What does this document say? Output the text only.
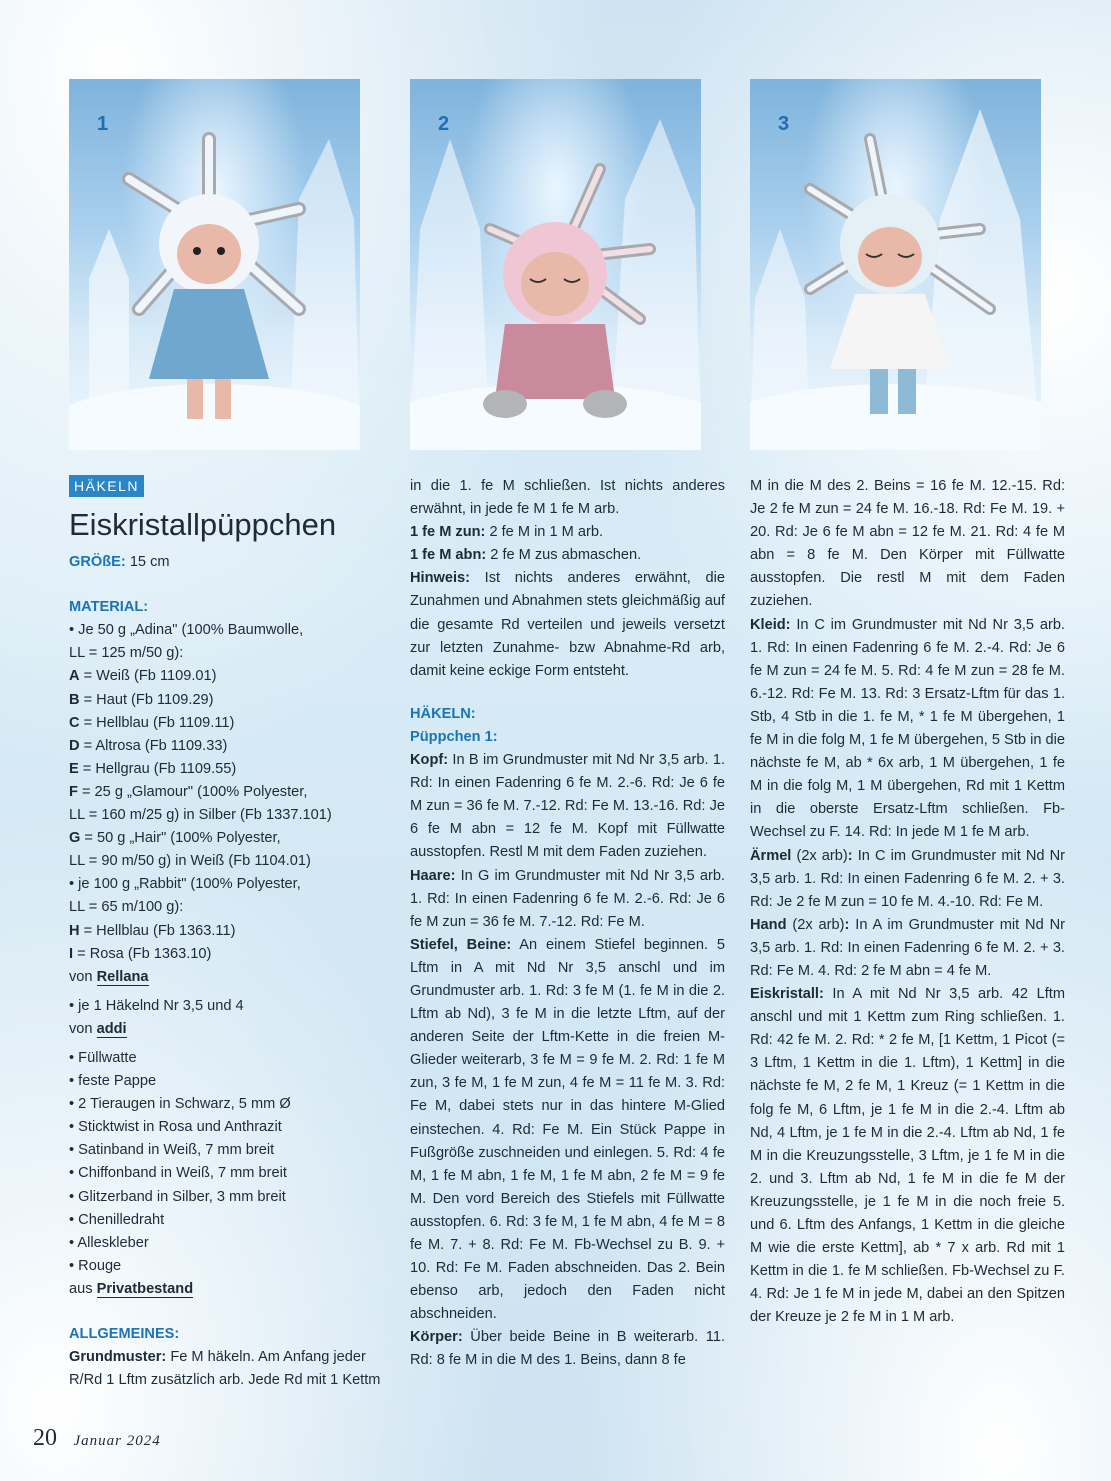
1	2	3
HÄKELN
Eiskristallpüppchen
GRÖßE: 15 cm
MATERIAL:
• Je 50 g „Adina" (100% Baumwolle,
LL = 125 m/50 g):
A = Weiß (Fb 1109.01)
B = Haut (Fb 1109.29)
C = Hellblau (Fb 1109.11)
D = Altrosa (Fb 1109.33)
E = Hellgrau (Fb 1109.55)
F = 25 g „Glamour" (100% Polyester,
LL = 160 m/25 g) in Silber (Fb 1337.101)
G = 50 g „Hair" (100% Polyester,
LL = 90 m/50 g) in Weiß (Fb 1104.01)
• je 100 g „Rabbit" (100% Polyester,
LL = 65 m/100 g):
H = Hellblau (Fb 1363.11)
I = Rosa (Fb 1363.10)
von Rellana
• je 1 Häkelnd Nr 3,5 und 4
von addi
• Füllwatte
• feste Pappe
• 2 Tieraugen in Schwarz, 5 mm Ø
• Sticktwist in Rosa und Anthrazit
• Satinband in Weiß, 7 mm breit
• Chiffonband in Weiß, 7 mm breit
• Glitzerband in Silber, 3 mm breit
• Chenilledraht
• Alleskleber
• Rouge
aus Privatbestand
ALLGEMEINES:
Grundmuster: Fe M häkeln. Am Anfang jeder R/Rd 1 Lftm zusätzlich arb. Jede Rd mit 1 Kettm

in die 1. fe M schließen. Ist nichts anderes erwähnt, in jede fe M 1 fe M arb.

1 fe M zun: 2 fe M in 1 M arb.

1 fe M abn: 2 fe M zus abmaschen.

Hinweis: Ist nichts anderes erwähnt, die Zunahmen und Abnahmen stets gleichmäßig auf die gesamte Rd verteilen und jeweils versetzt zur letzten Zunahme- bzw Abnahme-Rd arb, damit keine eckige Form entsteht.

HÄKELN:

Püppchen 1:

Kopf: In B im Grundmuster mit Nd Nr 3,5 arb. 1. Rd: In einen Fadenring 6 fe M. 2.-6. Rd: Je 6 fe M zun = 36 fe M. 7.-12. Rd: Fe M. 13.-16. Rd: Je 6 fe M abn = 12 fe M. Kopf mit Füllwatte ausstopfen. Restl M mit dem Faden zuziehen.

Haare: In G im Grundmuster mit Nd Nr 3,5 arb. 1. Rd: In einen Fadenring 6 fe M. 2.-6. Rd: Je 6 fe M zun = 36 fe M. 7.-12. Rd: Fe M.

Stiefel, Beine: An einem Stiefel beginnen. 5 Lftm in A mit Nd Nr 3,5 anschl und im Grundmuster arb. 1. Rd: 3 fe M (1. fe M in die 2. Lftm ab Nd), 3 fe M in die letzte Lftm, auf der anderen Seite der Lftm-Kette in die freien M-Glieder weiterarb, 3 fe M = 9 fe M. 2. Rd: 1 fe M zun, 3 fe M, 1 fe M zun, 4 fe M = 11 fe M. 3. Rd: Fe M, dabei stets nur in das hintere M-Glied einstechen. 4. Rd: Fe M. Ein Stück Pappe in Fußgröße zuschneiden und einlegen. 5. Rd: 4 fe M, 1 fe M abn, 1 fe M, 1 fe M abn, 2 fe M = 9 fe M. Den vord Bereich des Stiefels mit Füllwatte ausstopfen. 6. Rd: 3 fe M, 1 fe M abn, 4 fe M = 8 fe M. 7. + 8. Rd: Fe M. Fb-Wechsel zu B. 9. + 10. Rd: Fe M. Faden abschneiden. Das 2. Bein ebenso arb, jedoch den Faden nicht abschneiden.

Körper: Über beide Beine in B weiterarb. 11. Rd: 8 fe M in die M des 1. Beins, dann 8 fe

M in die M des 2. Beins = 16 fe M. 12.-15. Rd: Je 2 fe M zun = 24 fe M. 16.-18. Rd: Fe M. 19. + 20. Rd: Je 6 fe M abn = 12 fe M. 21. Rd: 4 fe M abn = 8 fe M. Den Körper mit Füllwatte ausstopfen. Die restl M mit dem Faden zuziehen.

Kleid: In C im Grundmuster mit Nd Nr 3,5 arb. 1. Rd: In einen Fadenring 6 fe M. 2.-4. Rd: Je 6 fe M zun = 24 fe M. 5. Rd: 4 fe M zun = 28 fe M. 6.-12. Rd: Fe M. 13. Rd: 3 Ersatz-Lftm für das 1. Stb, 4 Stb in die 1. fe M, * 1 fe M übergehen, 1 fe M in die folg M, 1 fe M übergehen, 5 Stb in die nächste fe M, ab * 6x arb, 1 M übergehen, 1 fe M in die folg M, 1 M übergehen, Rd mit 1 Kettm in die oberste Ersatz-Lftm schließen. Fb-Wechsel zu F. 14. Rd: In jede M 1 fe M arb.

Ärmel (2x arb): In C im Grundmuster mit Nd Nr 3,5 arb. 1. Rd: In einen Fadenring 6 fe M. 2. + 3. Rd: Je 2 fe M zun = 10 fe M. 4.-10. Rd: Fe M.

Hand (2x arb): In A im Grundmuster mit Nd Nr 3,5 arb. 1. Rd: In einen Fadenring 6 fe M. 2. + 3. Rd: Fe M. 4. Rd: 2 fe M abn = 4 fe M.

Eiskristall: In A mit Nd Nr 3,5 arb. 42 Lftm anschl und mit 1 Kettm zum Ring schließen. 1. Rd: 42 fe M. 2. Rd: * 2 fe M, [1 Kettm, 1 Picot (= 3 Lftm, 1 Kettm in die 1. Lftm), 1 Kettm] in die nächste fe M, 2 fe M, 1 Kreuz (= 1 Kettm in die folg fe M, 6 Lftm, je 1 fe M in die 2.-4. Lftm ab Nd, 4 Lftm, je 1 fe M in die 2.-4. Lftm ab Nd, 1 fe M in die Kreuzungsstelle, 3 Lftm, je 1 fe M in die 2. und 3. Lftm ab Nd, 1 fe M in die fe M der Kreuzungsstelle, je 1 fe M in die noch freie 5. und 6. Lftm des Anfangs, 1 Kettm in die gleiche M wie die erste Kettm], ab * 7 x arb. Rd mit 1 Kettm in die 1. fe M schließen. Fb-Wechsel zu F. 4. Rd: Je 1 fe M in jede M, dabei an den Spitzen der Kreuze je 2 fe M in 1 M arb.

20 Januar 2024
